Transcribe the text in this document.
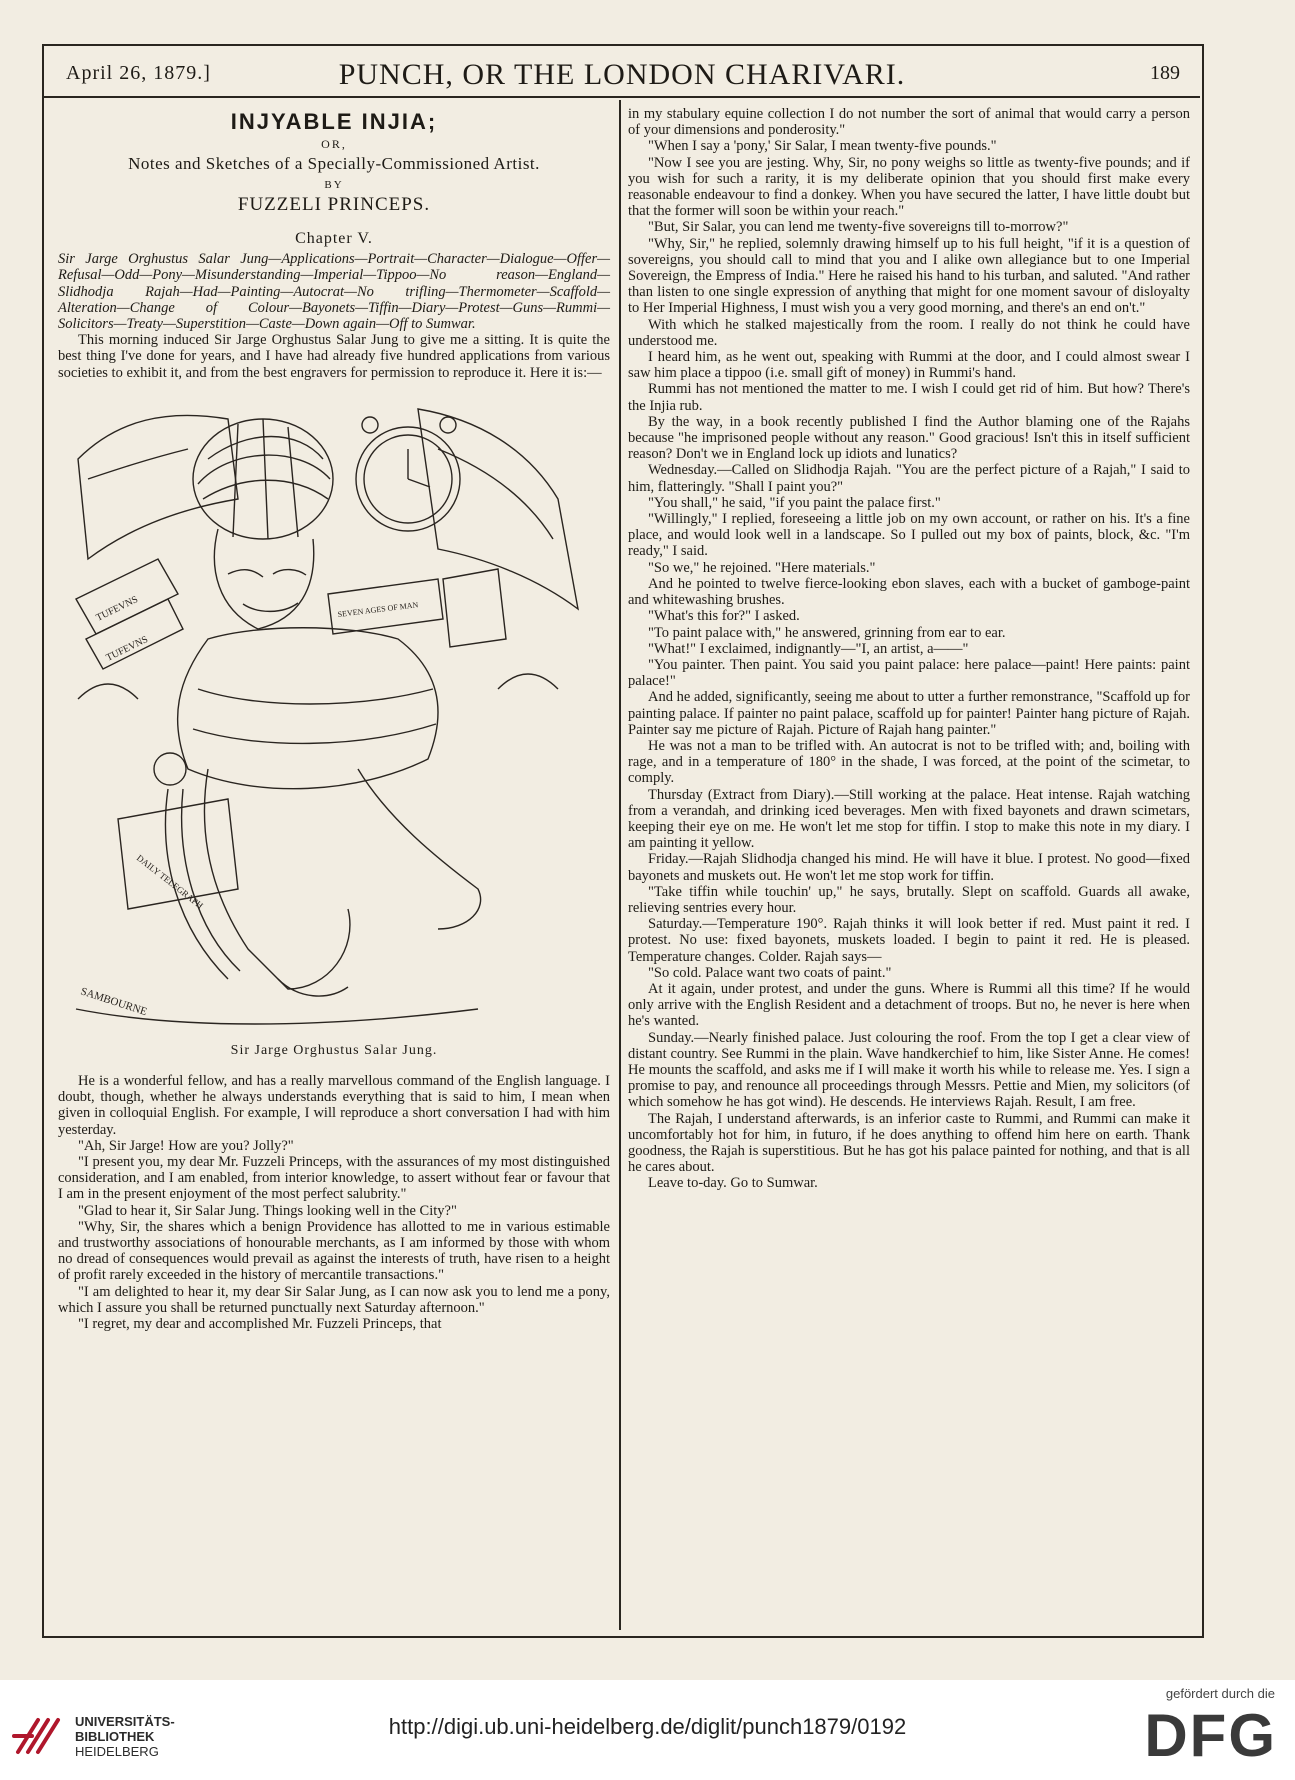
April 26, 1879.]	PUNCH, OR THE LONDON CHARIVARI.	189
INJYABLE INJIA;
OR,
Notes and Sketches of a Specially-Commissioned Artist.
BY
FUZZELI PRINCEPS.
Chapter V.

Sir Jarge Orghustus Salar Jung—Applications—Portrait—Character—Dialogue—Offer—Refusal—Odd—Pony—Misunderstanding—Imperial—Tippoo—No reason—England—Slidhodja Rajah—Had—Painting—Autocrat—No trifling—Thermometer—Scaffold—Alteration—Change of Colour—Bayonets—Tiffin—Diary—Protest—Guns—Rummi—Solicitors—Treaty—Superstition—Caste—Down again—Off to Sumwar.

This morning induced Sir Jarge Orghustus Salar Jung to give me a sitting. It is quite the best thing I've done for years, and I have had already five hundred applications from various societies to exhibit it, and from the best engravers for permission to reproduce it. Here it is:—

TUFEVNS
TUFEVNS
SEVEN AGES OF MAN
DAILY TELEGRAPH
SAMBOURNE
Sir Jarge Orghustus Salar Jung.

He is a wonderful fellow, and has a really marvellous command of the English language. I doubt, though, whether he always understands everything that is said to him, I mean when given in colloquial English. For example, I will reproduce a short conversation I had with him yesterday.

"Ah, Sir Jarge! How are you? Jolly?"

"I present you, my dear Mr. Fuzzeli Princeps, with the assurances of my most distinguished consideration, and I am enabled, from interior knowledge, to assert without fear or favour that I am in the present enjoyment of the most perfect salubrity."

"Glad to hear it, Sir Salar Jung. Things looking well in the City?"

"Why, Sir, the shares which a benign Providence has allotted to me in various estimable and trustworthy associations of honourable merchants, as I am informed by those with whom no dread of consequences would prevail as against the interests of truth, have risen to a height of profit rarely exceeded in the history of mercantile transactions."

"I am delighted to hear it, my dear Sir Salar Jung, as I can now ask you to lend me a pony, which I assure you shall be returned punctually next Saturday afternoon."

"I regret, my dear and accomplished Mr. Fuzzeli Princeps, that

in my stabulary equine collection I do not number the sort of animal that would carry a person of your dimensions and ponderosity."

"When I say a 'pony,' Sir Salar, I mean twenty-five pounds."

"Now I see you are jesting. Why, Sir, no pony weighs so little as twenty-five pounds; and if you wish for such a rarity, it is my deliberate opinion that you should first make every reasonable endeavour to find a donkey. When you have secured the latter, I have little doubt but that the former will soon be within your reach."

"But, Sir Salar, you can lend me twenty-five sovereigns till to-morrow?"

"Why, Sir," he replied, solemnly drawing himself up to his full height, "if it is a question of sovereigns, you should call to mind that you and I alike own allegiance but to one Imperial Sovereign, the Empress of India." Here he raised his hand to his turban, and saluted. "And rather than listen to one single expression of anything that might for one moment savour of disloyalty to Her Imperial Highness, I must wish you a very good morning, and there's an end on't."

With which he stalked majestically from the room. I really do not think he could have understood me.

I heard him, as he went out, speaking with Rummi at the door, and I could almost swear I saw him place a tippoo (i.e. small gift of money) in Rummi's hand.

Rummi has not mentioned the matter to me. I wish I could get rid of him. But how? There's the Injia rub.

By the way, in a book recently published I find the Author blaming one of the Rajahs because "he imprisoned people without any reason." Good gracious! Isn't this in itself sufficient reason? Don't we in England lock up idiots and lunatics?

Wednesday.—Called on Slidhodja Rajah. "You are the perfect picture of a Rajah," I said to him, flatteringly. "Shall I paint you?"

"You shall," he said, "if you paint the palace first."

"Willingly," I replied, foreseeing a little job on my own account, or rather on his. It's a fine place, and would look well in a landscape. So I pulled out my box of paints, block, &c. "I'm ready," I said.

"So we," he rejoined. "Here materials."

And he pointed to twelve fierce-looking ebon slaves, each with a bucket of gamboge-paint and whitewashing brushes.

"What's this for?" I asked.

"To paint palace with," he answered, grinning from ear to ear.

"What!" I exclaimed, indignantly—"I, an artist, a——"

"You painter. Then paint. You said you paint palace: here palace—paint! Here paints: paint palace!"

And he added, significantly, seeing me about to utter a further remonstrance, "Scaffold up for painting palace. If painter no paint palace, scaffold up for painter! Painter hang picture of Rajah. Painter say me picture of Rajah. Picture of Rajah hang painter."

He was not a man to be trifled with. An autocrat is not to be trifled with; and, boiling with rage, and in a temperature of 180° in the shade, I was forced, at the point of the scimetar, to comply.

Thursday (Extract from Diary).—Still working at the palace. Heat intense. Rajah watching from a verandah, and drinking iced beverages. Men with fixed bayonets and drawn scimetars, keeping their eye on me. He won't let me stop for tiffin. I stop to make this note in my diary. I am painting it yellow.

Friday.—Rajah Slidhodja changed his mind. He will have it blue. I protest. No good—fixed bayonets and muskets out. He won't let me stop work for tiffin.

"Take tiffin while touchin' up," he says, brutally. Slept on scaffold. Guards all awake, relieving sentries every hour.

Saturday.—Temperature 190°. Rajah thinks it will look better if red. Must paint it red. I protest. No use: fixed bayonets, muskets loaded. I begin to paint it red. He is pleased. Temperature changes. Colder. Rajah says—

"So cold. Palace want two coats of paint."

At it again, under protest, and under the guns. Where is Rummi all this time? If he would only arrive with the English Resident and a detachment of troops. But no, he never is here when he's wanted.

Sunday.—Nearly finished palace. Just colouring the roof. From the top I get a clear view of distant country. See Rummi in the plain. Wave handkerchief to him, like Sister Anne. He comes! He mounts the scaffold, and asks me if I will make it worth his while to release me. Yes. I sign a promise to pay, and renounce all proceedings through Messrs. Pettie and Mien, my solicitors (of which somehow he has got wind). He descends. He interviews Rajah. Result, I am free.

The Rajah, I understand afterwards, is an inferior caste to Rummi, and Rummi can make it uncomfortably hot for him, in futuro, if he does anything to offend him here on earth. Thank goodness, the Rajah is superstitious. But he has got his palace painted for nothing, and that is all he cares about.

Leave to-day. Go to Sumwar.

UNIVERSITÄTS-
BIBLIOTHEK
HEIDELBERG
http://digi.ub.uni-heidelberg.de/diglit/punch1879/0192
gefördert durch die
DFG
